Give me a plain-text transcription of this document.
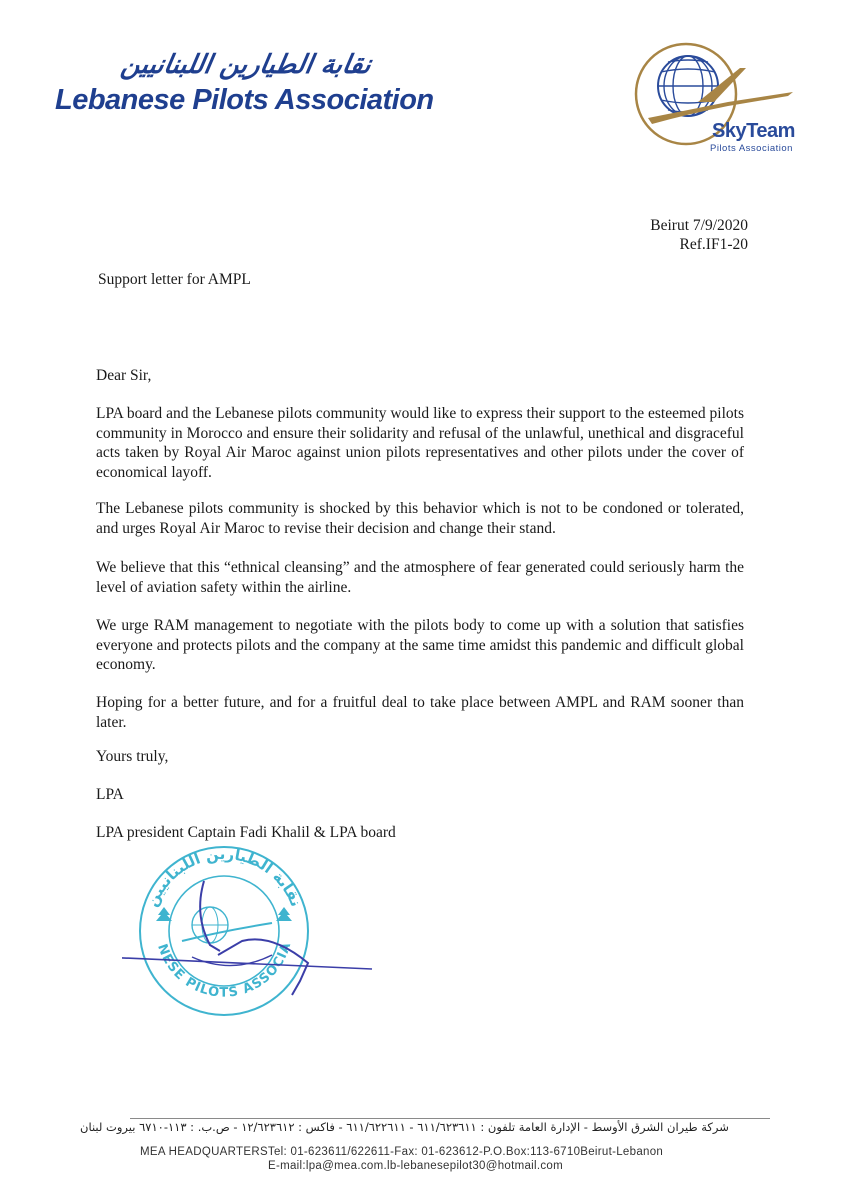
نقابة الطيارين اللبنانيين
Lebanese Pilots Association
SkyTeam
Pilots Association
Beirut 7/9/2020
Ref.IF1-20
Support letter for AMPL
Dear Sir,
LPA board and the Lebanese pilots community would like to express their support to the esteemed pilots community in Morocco and ensure their solidarity and refusal of the unlawful, unethical and disgraceful acts taken by Royal Air Maroc against union pilots representatives and other pilots under the cover of economical layoff.
The Lebanese pilots community is shocked by this behavior which is not to be condoned or tolerated, and urges Royal Air Maroc to revise their decision and change their stand.
We believe that this “ethnical cleansing” and the atmosphere of fear generated could seriously harm the level of aviation safety within the airline.
We urge RAM management to negotiate with the pilots body to come up with a solution that satisfies everyone and protects pilots and the company at the same time amidst this pandemic and difficult global economy.
Hoping for a better future, and for a fruitful deal to take place between AMPL and RAM sooner than later.
Yours truly,
LPA
LPA president Captain Fadi Khalil & LPA board
نقابة الطيارين اللبنانيين
NESE PILOTS ASSOCIA
شركة طيران الشرق الأوسط - الإدارة العامة تلفون : ٦١١/٦٢٣٦١١ - ٦١١/٦٢٢٦١١ - فاكس : ١٢/٦٢٣٦١٢ - ص.ب. : ١١٣-٦٧١٠ بيروت لبنان
MEA HEADQUARTERSTel: 01-623611/622611-Fax: 01-623612-P.O.Box:113-6710Beirut-Lebanon
E-mail:lpa@mea.com.lb-lebanesepilot30@hotmail.com
